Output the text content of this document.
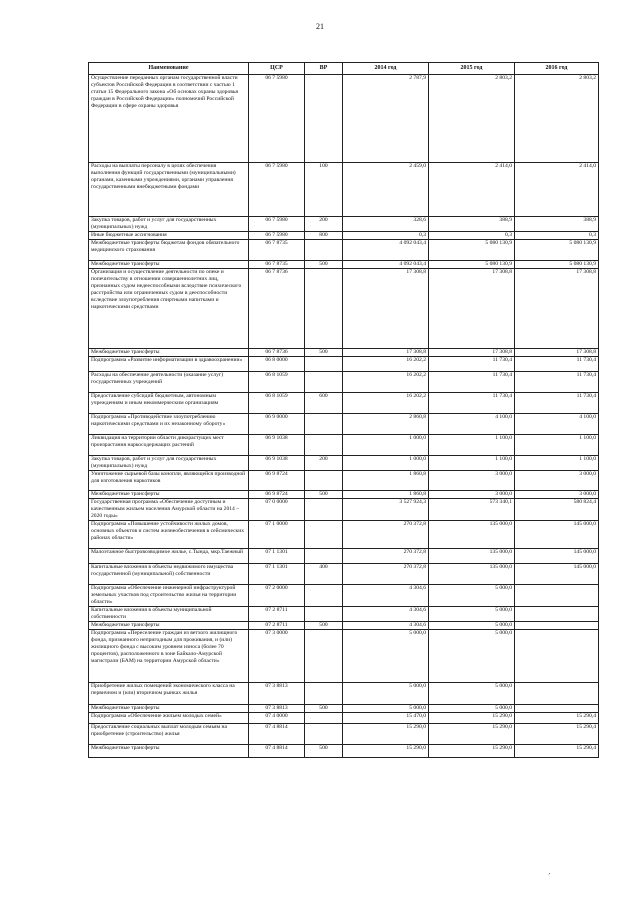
21
Наименование	ЦСР	ВР	2014 год	2015 год	2016 год
Осуществление переданных органам государственной власти субъектов Российской Федерации в соответствии с частью 1 статьи 15 Федерального закона «Об основах охраны здоровья граждан в Российской Федерации» полномочий Российской Федерации в сфере охраны здоровья	06 7 5980		2 787,9	2 803,2	2 803,2
Расходы на выплаты персоналу в целях обеспечения выполнения функций государственными (муниципальными) органами, казенными учреждениями, органами управления государственными внебюджетными фондами	06 7 5980	100	2 459,0	2 414,0	2 414,0
Закупка товаров, работ и услуг для государственных (муниципальных) нужд	06 7 5980	200	328,6	388,9	388,9
Иные бюджетные ассигнования	06 7 5980	800	0,3	0,3	0,3
Межбюджетные трансферты бюджетам фондов обязательного медицинского страхования	06 7 8735		4 092 043,4	5 080 130,9	5 080 130,9
Межбюджетные трансферты	06 7 8735	500	4 092 043,4	5 080 130,9	5 080 130,9
Организация и осуществление деятельности по опеке и попечительству в отношении совершеннолетних лиц, признанных судом недееспособными вследствие психического расстройства или ограниченных судом в дееспособности вследствие злоупотребления спиртными напитками и наркотическими средствами	06 7 8736		17 308,8	17 308,8	17 308,8
Межбюджетные трансферты	06 7 8736	500	17 308,8	17 308,8	17 308,8
Подпрограмма «Развитие информатизации в здравоохранении»	06 8 0000		16 202,2	11 730,4	11 730,4
Расходы на обеспечение деятельности (оказание услуг) государственных учреждений	06 8 1059		16 202,2	11 730,4	11 730,4
Предоставление субсидий бюджетным, автономным учреждениям и иным некоммерческим организациям	06 8 1059	600	16 202,2	11 730,4	11 730,4
Подпрограмма «Противодействие злоупотреблению наркотическими средствами и их незаконному обороту»	06 9 0000		2 860,8	4 100,0	4 100,0
Ликвидация на территории области дикорастущих мест произрастания наркосодержащих растений	06 9 1038		1 000,0	1 100,0	1 100,0
Закупка товаров, работ и услуг для государственных (муниципальных) нужд	06 9 1038	200	1 000,0	1 100,0	1 100,0
Уничтожение сырьевой базы конопли, являющейся производной для изготовления наркотиков	06 9 8724		1 860,8	3 000,0	3 000,0
Межбюджетные трансферты	06 9 8724	500	1 860,8	3 000,0	3 000,0
Государственная программа «Обеспечение доступным и качественным жильем населения Амурской области на 2014 – 2020 годы»	07 0 0000		3 527 924,3	573 340,1	580 824,4
Подпрограмма «Повышение устойчивости жилых домов, основных объектов и систем жизнеобеспечения в сейсмических районах области»	07 1 0000		270 372,8	135 000,0	145 000,0
Малоэтажное быстровозводимое жилье, с.Тында, мкр.Таежный	07 1 1301		270 372,8	135 000,0	145 000,0
Капитальные вложения в объекты недвижимого имущества государственной (муниципальной) собственности	07 1 1301	400	270 372,8	135 000,0	145 000,0
Подпрограмма «Обеспечение инженерной инфраструктурой земельных участков под строительство жилья на территории области»	07 2 0000		4 304,6	5 000,0	
Капитальные вложения в объекты муниципальной собственности	07 2 8711		4 304,6	5 000,0	
Межбюджетные трансферты	07 2 8711	500	4 304,6	5 000,0	
Подпрограмма «Переселение граждан из ветхого жилищного фонда, признанного непригодным для проживания, и (или) жилищного фонда с высоким уровнем износа (более 70 процентов), расположенного в зоне Байкало-Амурской магистрали (БАМ) на территории Амурской области»	07 3 0000		5 000,0	5 000,0	
Приобретение жилых помещений экономического класса на первичном и (или) вторичном рынках жилья	07 3 8813		5 000,0	5 000,0	
Межбюджетные трансферты	07 3 8813	500	5 000,0	5 000,0	
Подпрограмма «Обеспечение жильем молодых семей»	07 4 0000		15 470,0	15 290,0	15 290,4
Предоставление социальных выплат молодым семьям на приобретение (строительство) жилья	07 4 8814		15 290,0	15 290,0	15 290,4
Межбюджетные трансферты	07 4 8814	500	15 290,0	15 290,0	15 290,4
ˊ
